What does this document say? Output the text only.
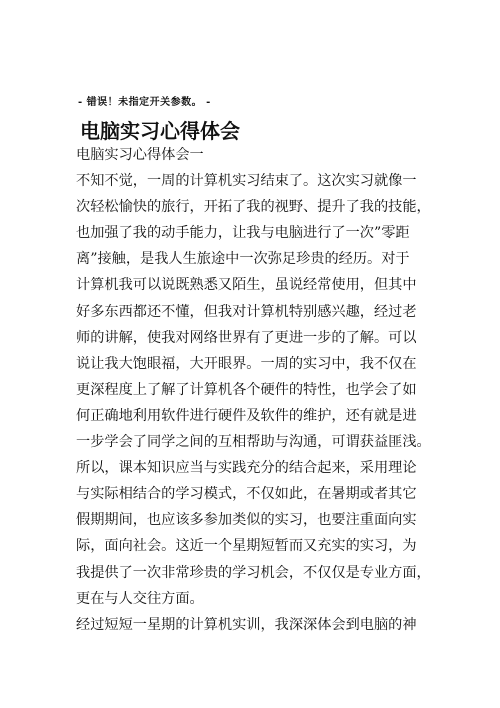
- 错误！未指定开关参数。 -
电脑实习心得体会
电脑实习心得体会一
不知不觉，一周的计算机实习结束了。这次实习就像一
次轻松愉快的旅行，开拓了我的视野、提升了我的技能，
也加强了我的动手能力，让我与电脑进行了一次”零距
离”接触，是我人生旅途中一次弥足珍贵的经历。对于
计算机我可以说既熟悉又陌生，虽说经常使用，但其中
好多东西都还不懂，但我对计算机特别感兴趣，经过老
师的讲解，使我对网络世界有了更进一步的了解。可以
说让我大饱眼福，大开眼界。一周的实习中，我不仅在
更深程度上了解了计算机各个硬件的特性，也学会了如
何正确地利用软件进行硬件及软件的维护，还有就是进
一步学会了同学之间的互相帮助与沟通，可谓获益匪浅。
所以，课本知识应当与实践充分的结合起来，采用理论
与实际相结合的学习模式，不仅如此，在暑期或者其它
假期期间，也应该多参加类似的实习，也要注重面向实
际，面向社会。这近一个星期短暂而又充实的实习，为
我提供了一次非常珍贵的学习机会，不仅仅是专业方面，
更在与人交往方面。
经过短短一星期的计算机实训，我深深体会到电脑的神
